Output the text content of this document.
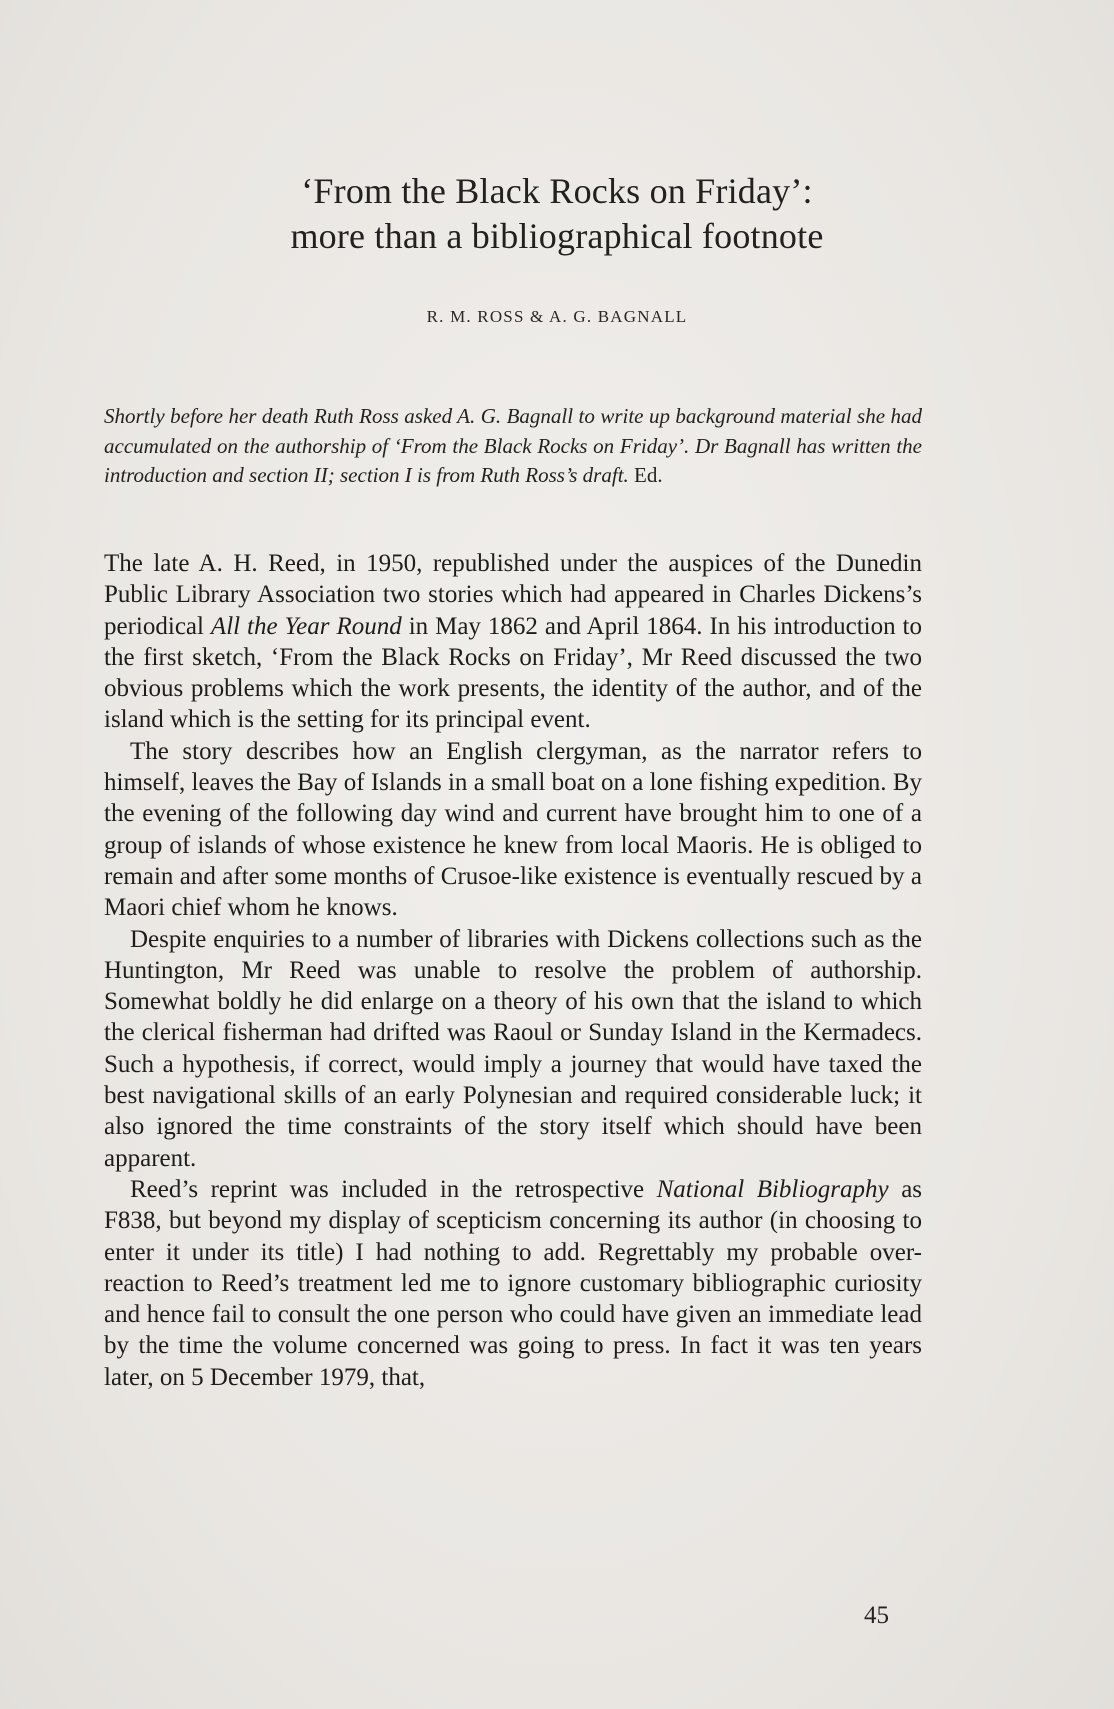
‘From the Black Rocks on Friday’:
more than a bibliographical footnote
R. M. ROSS & A. G. BAGNALL
Shortly before her death Ruth Ross asked A. G. Bagnall to write up background material she had accumulated on the authorship of ‘From the Black Rocks on Friday’. Dr Bagnall has written the introduction and section II; section I is from Ruth Ross’s draft. Ed.

The late A. H. Reed, in 1950, republished under the auspices of the Dunedin Public Library Association two stories which had appeared in Charles Dickens’s periodical All the Year Round in May 1862 and April 1864. In his introduction to the first sketch, ‘From the Black Rocks on Friday’, Mr Reed discussed the two obvious problems which the work presents, the identity of the author, and of the island which is the setting for its principal event.

The story describes how an English clergyman, as the narrator refers to himself, leaves the Bay of Islands in a small boat on a lone fishing expedition. By the evening of the following day wind and current have brought him to one of a group of islands of whose existence he knew from local Maoris. He is obliged to remain and after some months of Crusoe-like existence is eventually rescued by a Maori chief whom he knows.

Despite enquiries to a number of libraries with Dickens collections such as the Huntington, Mr Reed was unable to resolve the problem of authorship. Somewhat boldly he did enlarge on a theory of his own that the island to which the clerical fisherman had drifted was Raoul or Sunday Island in the Kermadecs. Such a hypothesis, if correct, would imply a journey that would have taxed the best navigational skills of an early Polynesian and required considerable luck; it also ignored the time constraints of the story itself which should have been apparent.

Reed’s reprint was included in the retrospective National Bibliography as F838, but beyond my display of scepticism concerning its author (in choosing to enter it under its title) I had nothing to add. Regrettably my probable over-reaction to Reed’s treatment led me to ignore customary bibliographic curiosity and hence fail to consult the one person who could have given an immediate lead by the time the volume concerned was going to press. In fact it was ten years later, on 5 December 1979, that,

45
